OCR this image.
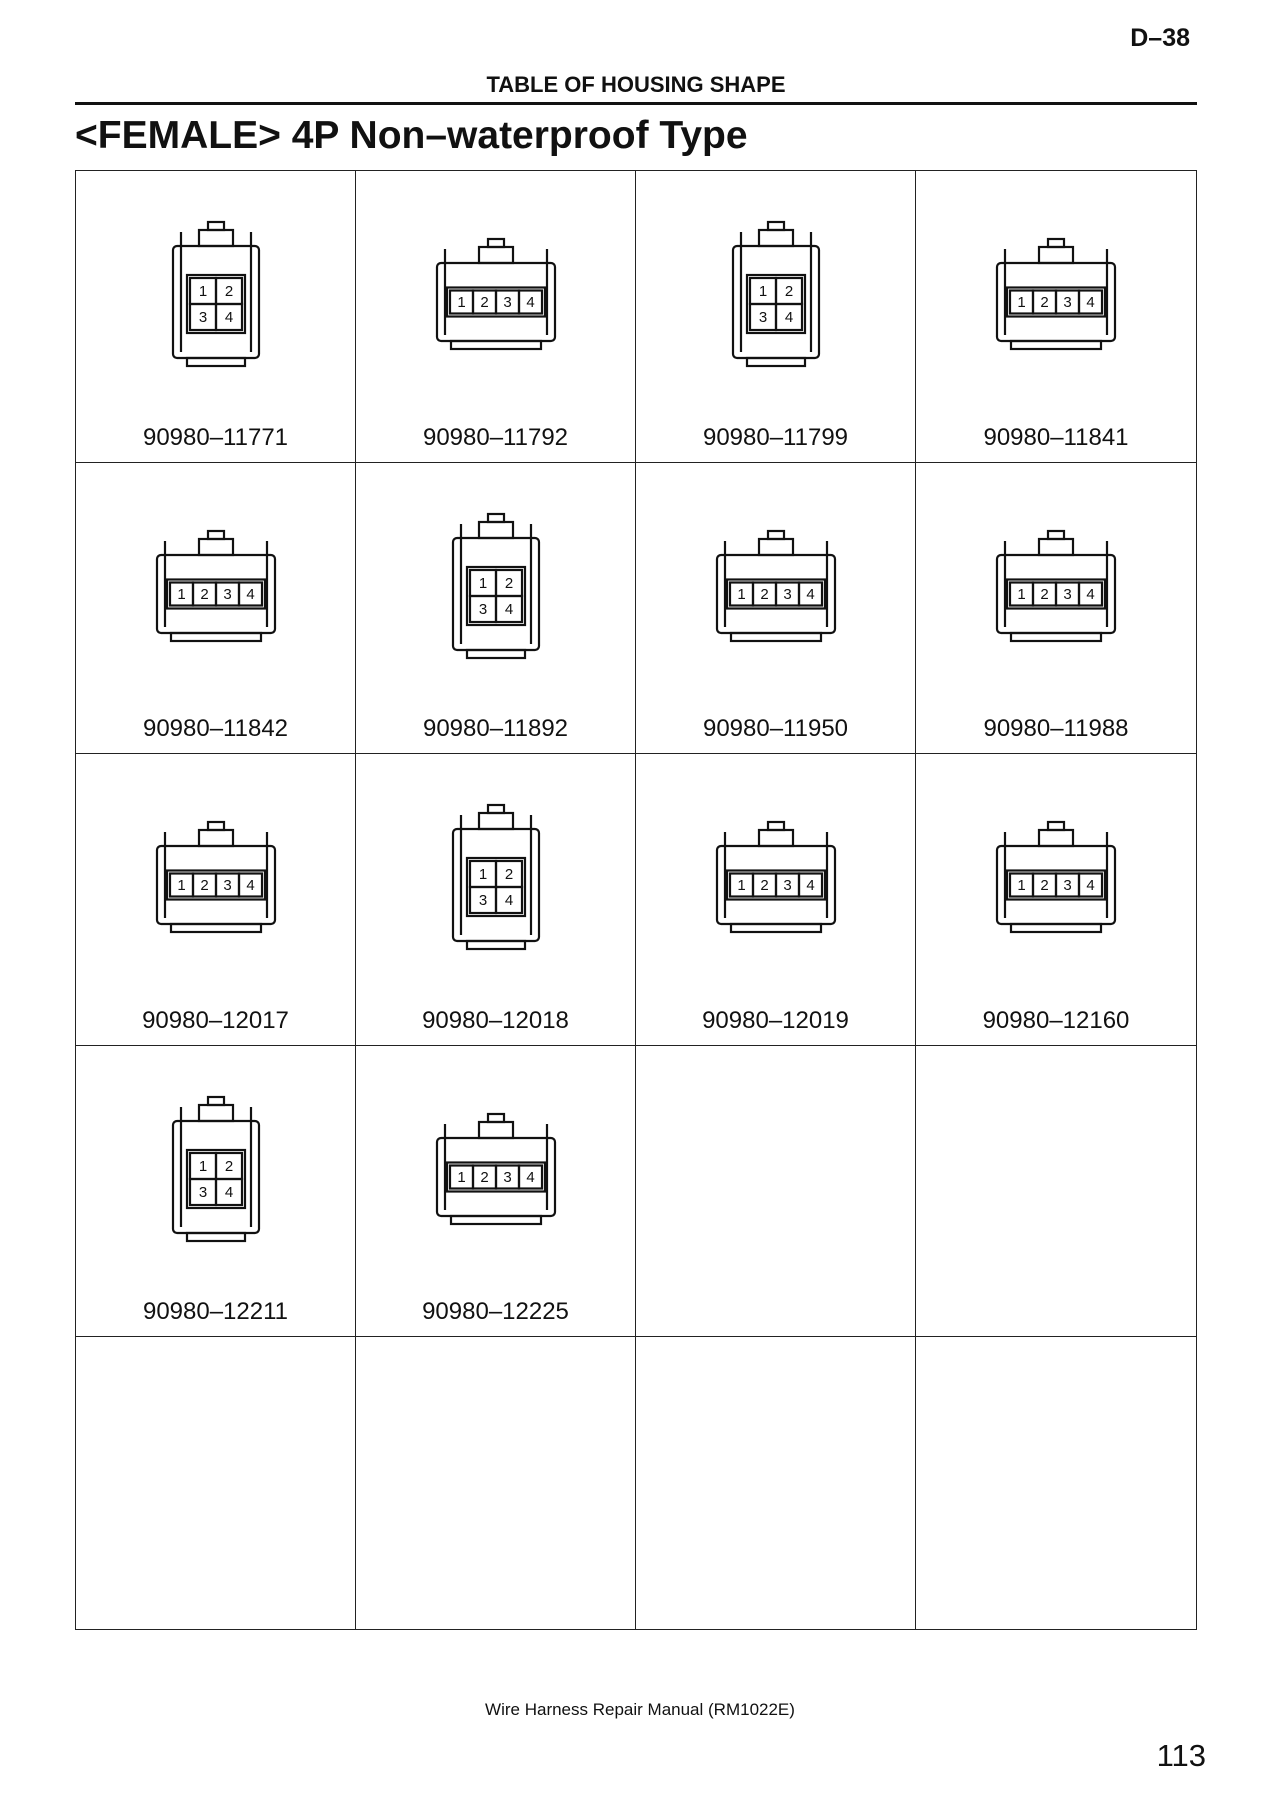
D–38
TABLE OF HOUSING SHAPE
<FEMALE> 4P Non–waterproof Type
1 2
3 4
90980–11771
1 2 3 4
90980–11792
1 2
3 4
90980–11799
1 2 3 4
90980–11841
1 2 3 4
90980–11842
1 2
3 4
90980–11892
1 2 3 4
90980–11950
1 2 3 4
90980–11988
1 2 3 4
90980–12017
1 2
3 4
90980–12018
1 2 3 4
90980–12019
1 2 3 4
90980–12160
1 2
3 4
90980–12211
1 2 3 4
90980–12225
Wire Harness Repair Manual (RM1022E)
113
